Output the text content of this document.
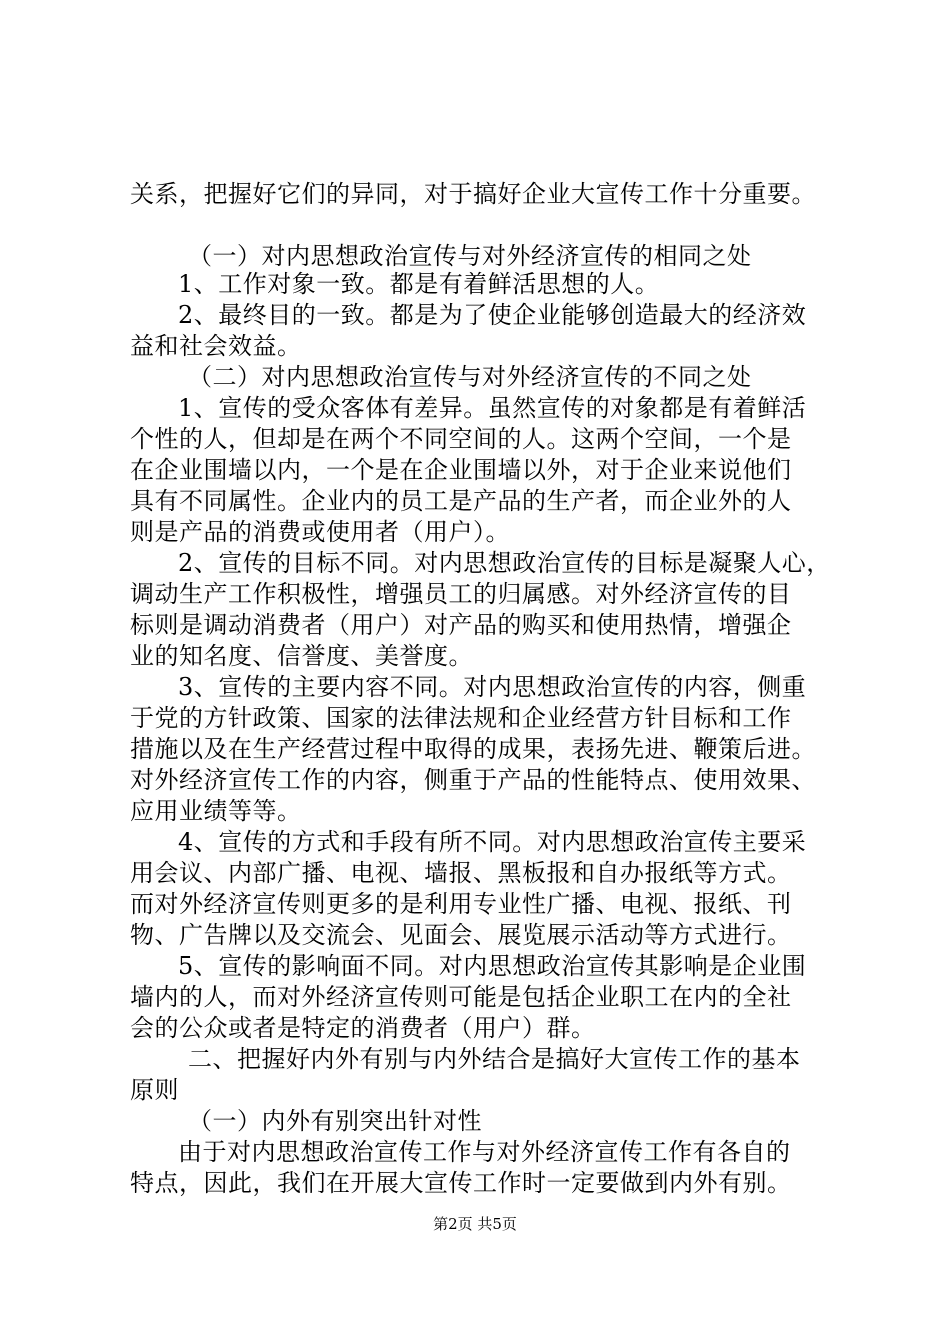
关系，把握好它们的异同，对于搞好企业大宣传工作十分重要。
（一）对内思想政治宣传与对外经济宣传的相同之处
1、工作对象一致。都是有着鲜活思想的人。
2、最终目的一致。都是为了使企业能够创造最大的经济效
益和社会效益。
（二）对内思想政治宣传与对外经济宣传的不同之处
1、宣传的受众客体有差异。虽然宣传的对象都是有着鲜活
个性的人，但却是在两个不同空间的人。这两个空间，一个是
在企业围墙以内，一个是在企业围墙以外，对于企业来说他们
具有不同属性。企业内的员工是产品的生产者，而企业外的人
则是产品的消费或使用者（用户）。
2、宣传的目标不同。对内思想政治宣传的目标是凝聚人心，
调动生产工作积极性，增强员工的归属感。对外经济宣传的目
标则是调动消费者（用户）对产品的购买和使用热情，增强企
业的知名度、信誉度、美誉度。
3、宣传的主要内容不同。对内思想政治宣传的内容，侧重
于党的方针政策、国家的法律法规和企业经营方针目标和工作
措施以及在生产经营过程中取得的成果，表扬先进、鞭策后进。
对外经济宣传工作的内容，侧重于产品的性能特点、使用效果、
应用业绩等等。
4、宣传的方式和手段有所不同。对内思想政治宣传主要采
用会议、内部广播、电视、墙报、黑板报和自办报纸等方式。
而对外经济宣传则更多的是利用专业性广播、电视、报纸、刊
物、广告牌以及交流会、见面会、展览展示活动等方式进行。
5、宣传的影响面不同。对内思想政治宣传其影响是企业围
墙内的人，而对外经济宣传则可能是包括企业职工在内的全社
会的公众或者是特定的消费者（用户）群。
二、把握好内外有别与内外结合是搞好大宣传工作的基本
原则
（一）内外有别突出针对性
由于对内思想政治宣传工作与对外经济宣传工作有各自的
特点，因此，我们在开展大宣传工作时一定要做到内外有别。
第2页 共5页
